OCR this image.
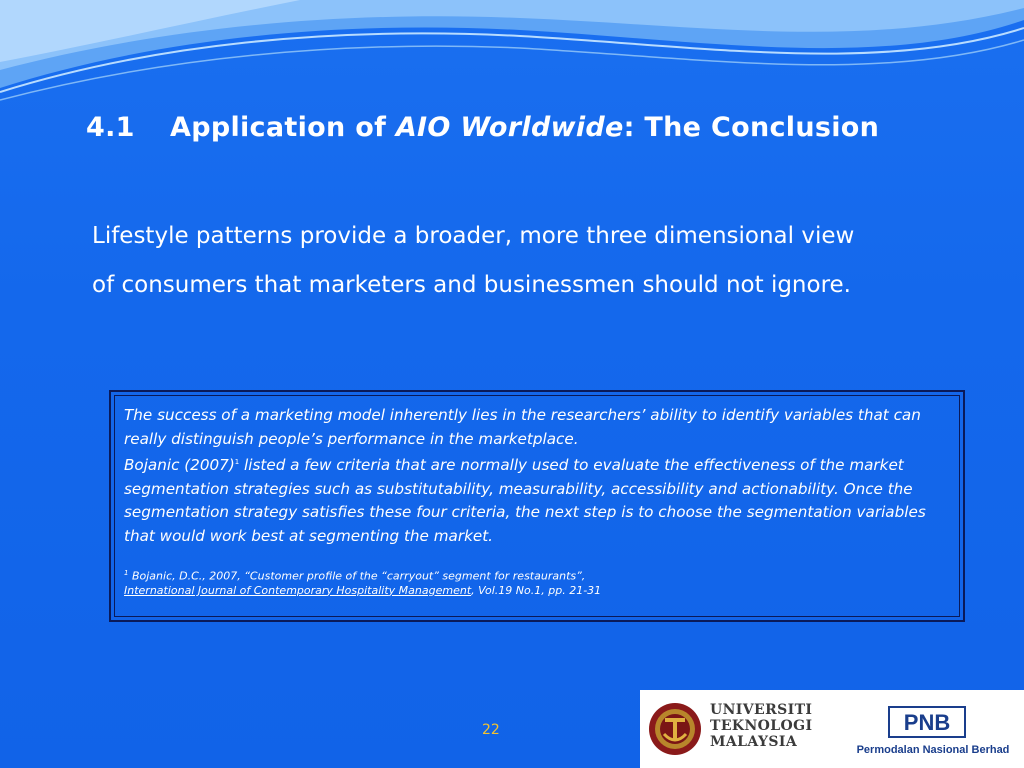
4.1 Application of AIO Worldwide: The Conclusion
Lifestyle patterns provide a broader, more three dimensional view
of consumers that marketers and businessmen should not ignore.

The success of a marketing model inherently lies in the researchers’ ability to identify variables that can really distinguish people’s performance in the marketplace.

Bojanic $(2007)^1$ listed a few criteria that are normally used to evaluate the effectiveness of the market segmentation strategies such as substitutability, measurability, accessibility and actionability. Once the segmentation strategy satisfies these four criteria, the next step is to choose the segmentation variables that would work best at segmenting the market.

$^1$ Bojanic, D.C., 2007, “Customer profile of the “carryout” segment for restaurants”,
International Journal of Contemporary Hospitality Management, Vol.19 No.1, pp. 21-31

22
UNIVERSITI
TEKNOLOGI
MALAYSIA
PNB
Permodalan Nasional Berhad
